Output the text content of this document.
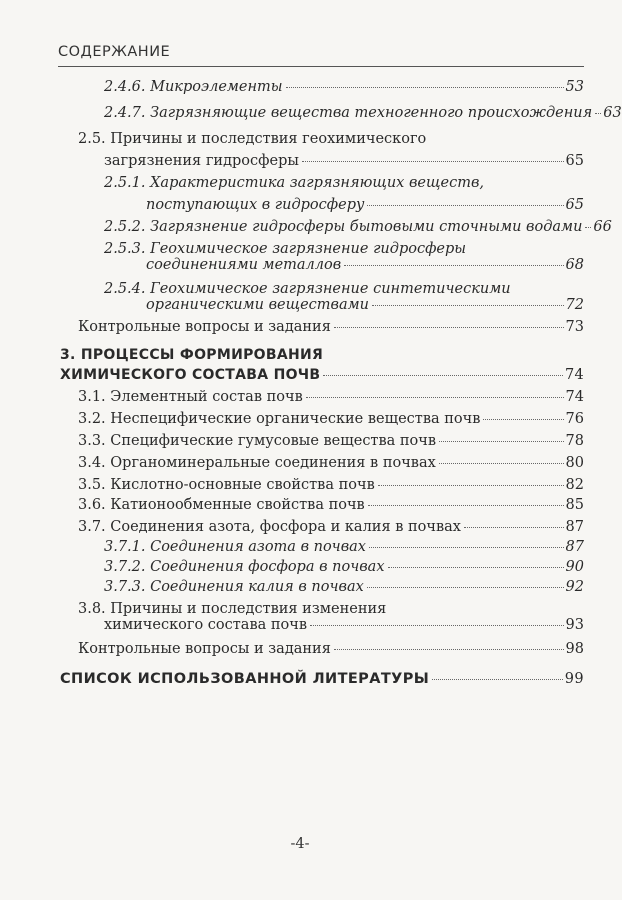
СОДЕРЖАНИЕ
2.4.6. Микроэлементы	53
2.4.7. Загрязняющие вещества техногенного происхождения 63
2.5. Причины и последствия геохимического
загрязнения гидросферы	65
2.5.1. Характеристика загрязняющих веществ,
поступающих в гидросферу	65
2.5.2. Загрязнение гидросферы бытовыми сточными водами 66
2.5.3. Геохимическое загрязнение гидросферы
соединениями металлов	68
2.5.4. Геохимическое загрязнение синтетическими
органическими веществами	72
Контрольные вопросы и задания	73
3. ПРОЦЕССЫ ФОРМИРОВАНИЯ
ХИМИЧЕСКОГО СОСТАВА ПОЧВ	74
3.1. Элементный состав почв	74
3.2. Неспецифические органические вещества почв	76
3.3. Специфические гумусовые вещества почв	78
3.4. Органоминеральные соединения в почвах	80
3.5. Кислотно-основные свойства почв	82
3.6. Катионообменные свойства почв	85
3.7. Соединения азота, фосфора и калия в почвах	87
3.7.1. Соединения азота в почвах	87
3.7.2. Соединения фосфора в почвах	90
3.7.3. Соединения калия в почвах	92
3.8. Причины и последствия изменения
химического состава почв	93
Контрольные вопросы и задания	98
СПИСОК ИСПОЛЬЗОВАННОЙ ЛИТЕРАТУРЫ	99
-4-
